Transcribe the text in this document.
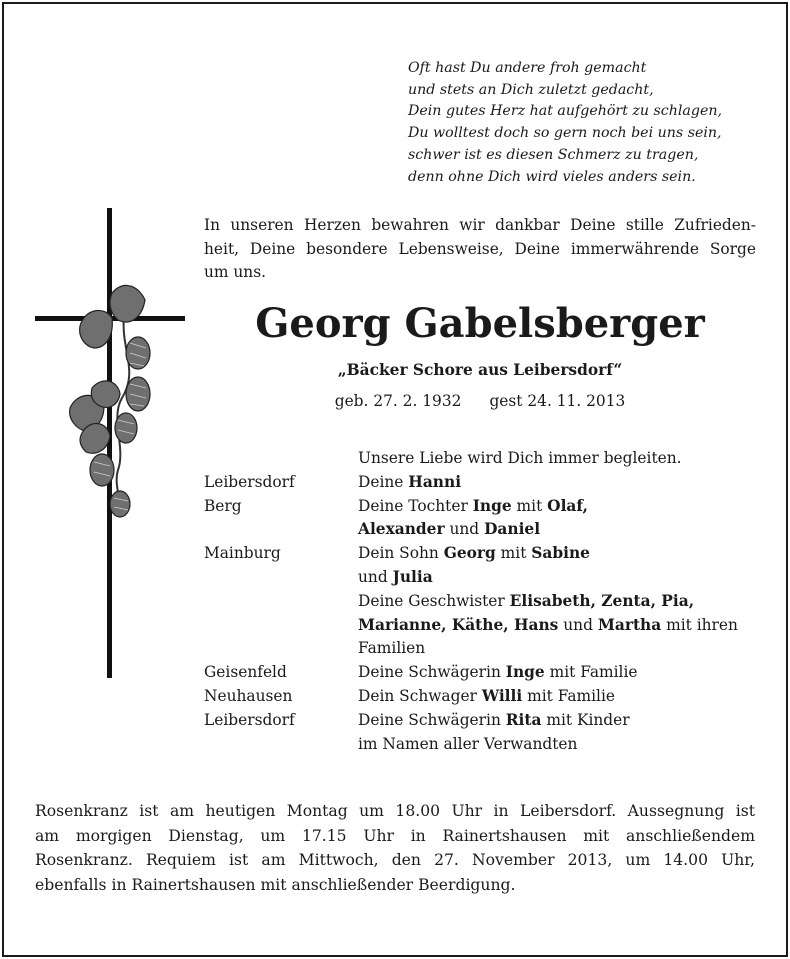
Oft hast Du andere froh gemacht
und stets an Dich zuletzt gedacht,
Dein gutes Herz hat aufgehört zu schlagen,
Du wolltest doch so gern noch bei uns sein,
schwer ist es diesen Schmerz zu tragen,
denn ohne Dich wird vieles anders sein.
In unseren Herzen bewahren wir dankbar Deine stille Zufrieden-
heit, Deine besondere Lebensweise, Deine immerwährende Sorge
um uns.
Georg Gabelsberger
„Bäcker Schore aus Leibersdorf“
geb. 27. 2. 1932 gest 24. 11. 2013
Unsere Liebe wird Dich immer begleiten.
Leibersdorf	Deine Hanni
Berg	Deine Tochter Inge mit Olaf,
Alexander und Daniel
Mainburg	Dein Sohn Georg mit Sabine
und Julia
Deine Geschwister Elisabeth, Zenta, Pia,
Marianne, Käthe, Hans und Martha mit ihren
Familien
Geisenfeld	Deine Schwägerin Inge mit Familie
Neuhausen	Dein Schwager Willi mit Familie
Leibersdorf	Deine Schwägerin Rita mit Kinder
im Namen aller Verwandten
Rosenkranz ist am heutigen Montag um 18.00 Uhr in Leibersdorf. Aussegnung ist
am morgigen Dienstag, um 17.15 Uhr in Rainertshausen mit anschließendem
Rosenkranz. Requiem ist am Mittwoch, den 27. November 2013, um 14.00 Uhr,
ebenfalls in Rainertshausen mit anschließender Beerdigung.
